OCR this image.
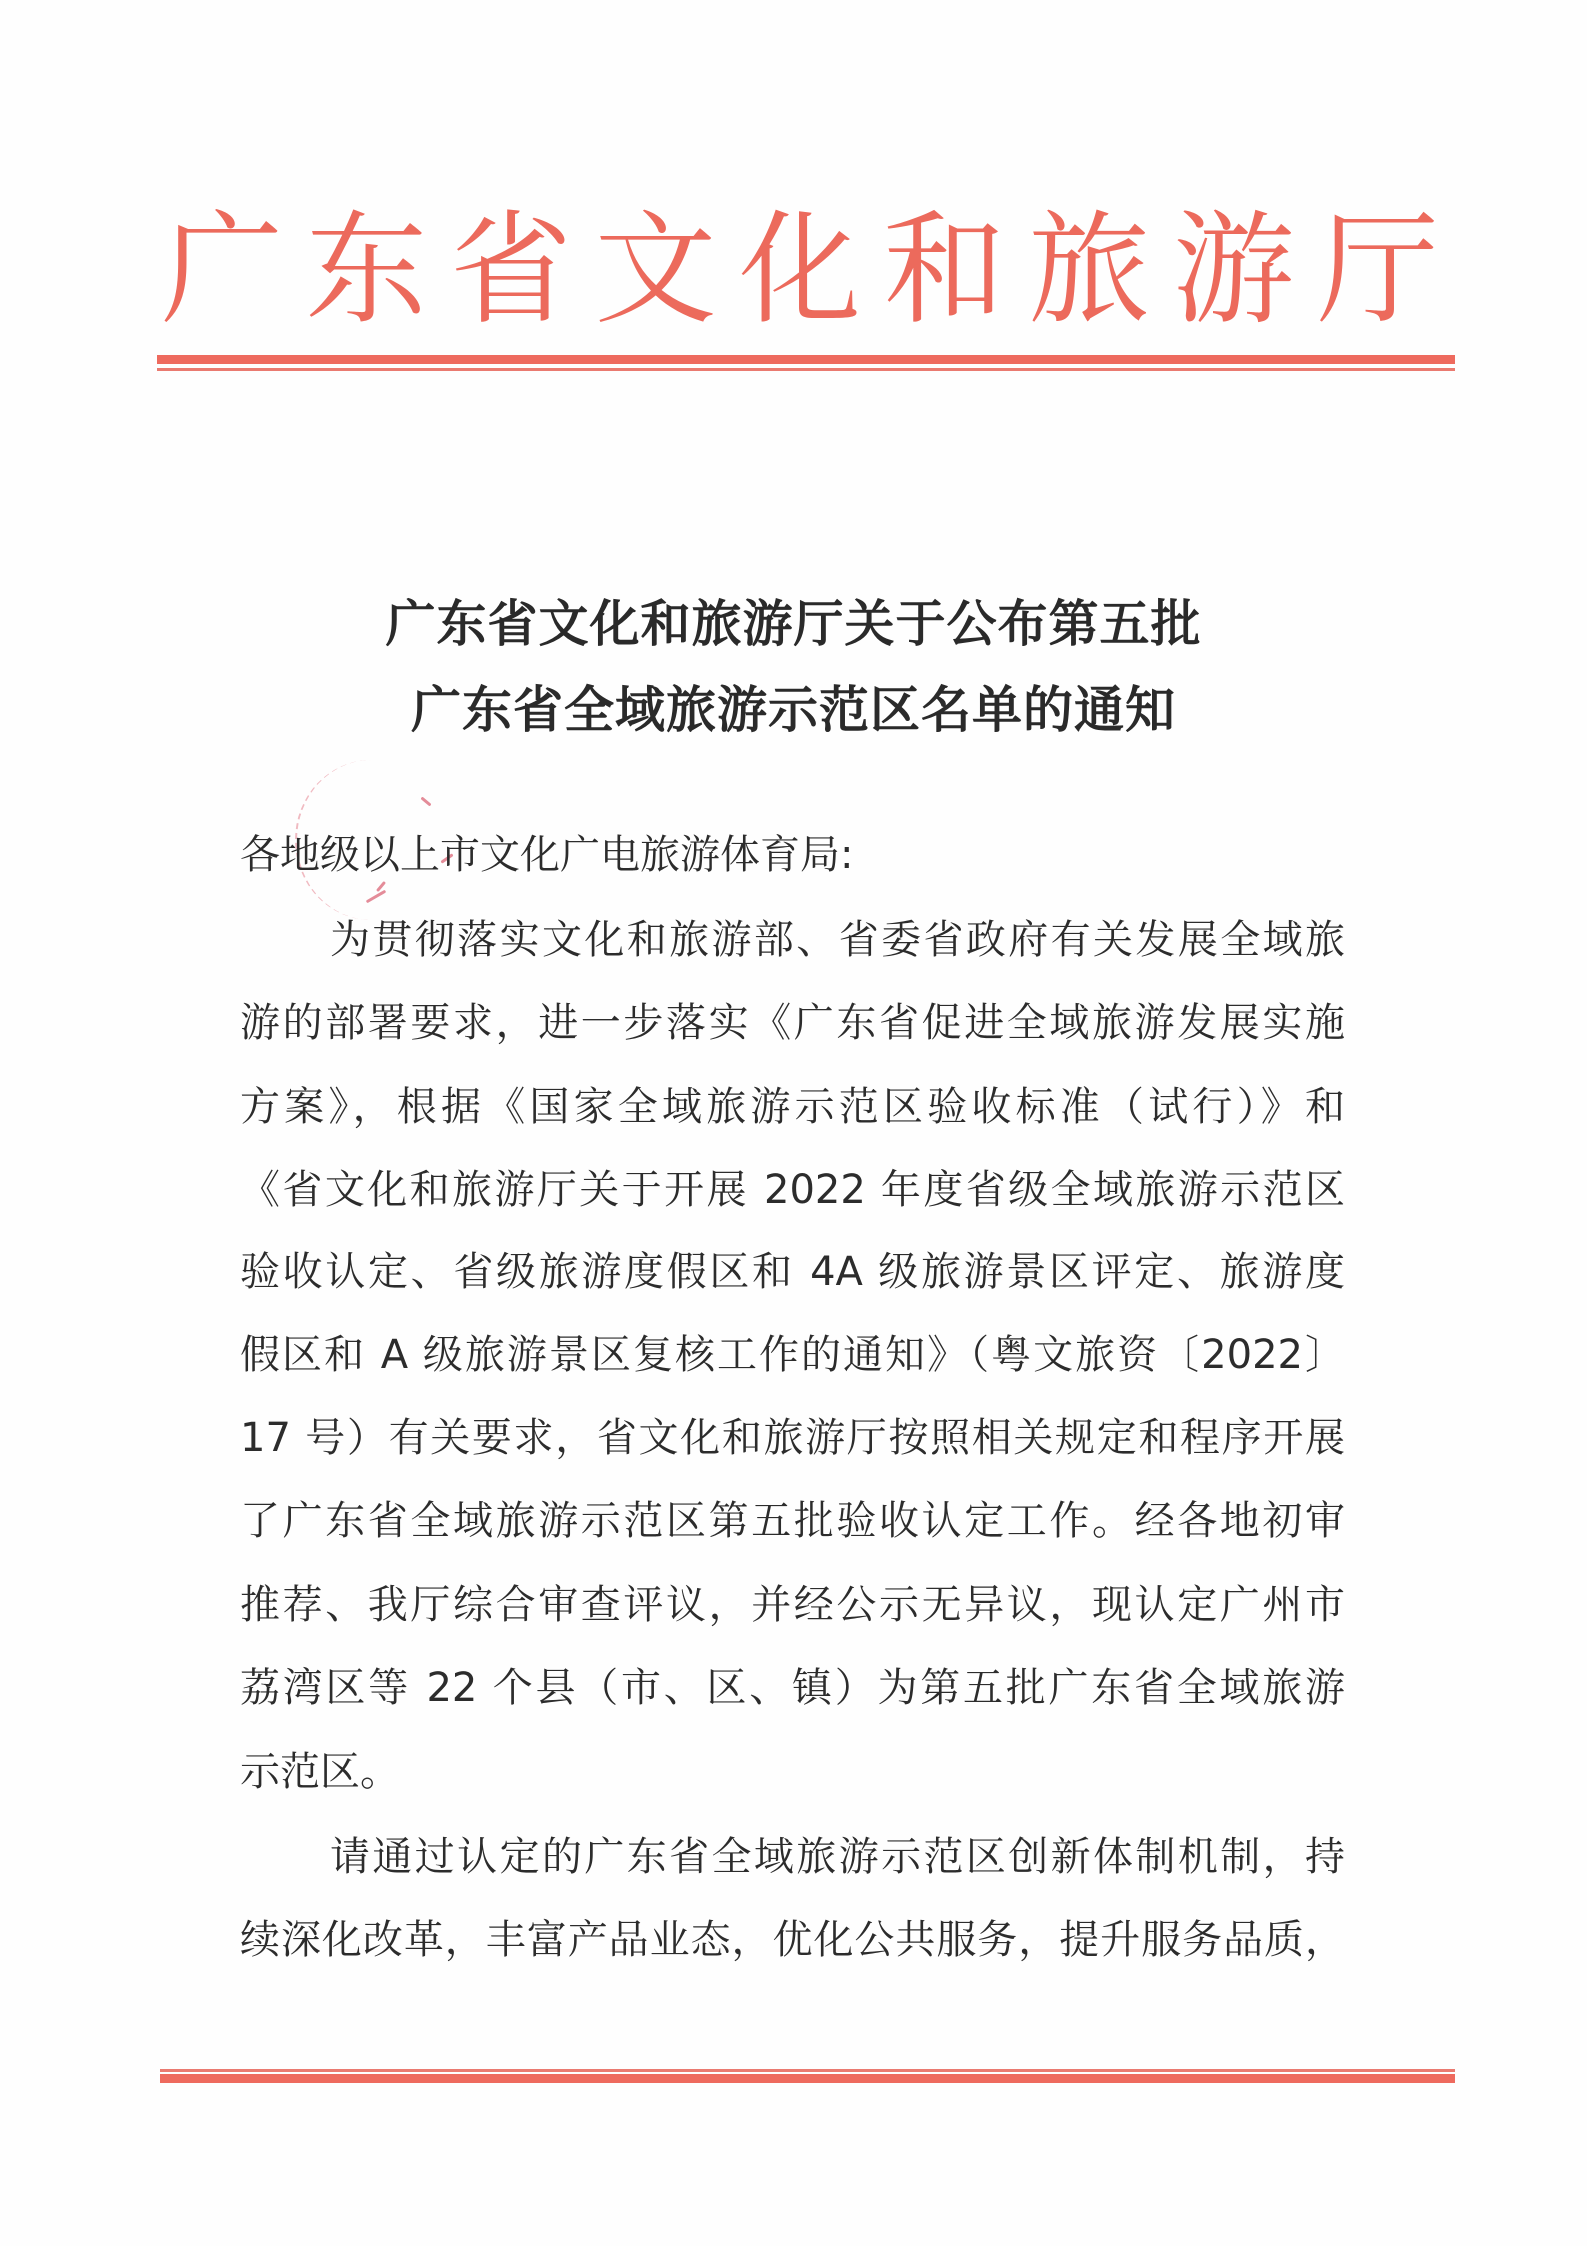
广 东 省 文 化 和 旅 游 厅
广东省文化和旅游厅关于公布第五批
广东省全域旅游示范区名单的通知
各地级以上市文化广电旅游体育局:
为贯彻落实文化和旅游部、省委省政府有关发展全域旅
游的部署要求，进一步落实《广东省促进全域旅游发展实施
方案》，根据《国家全域旅游示范区验收标准（试行）》和
《省文化和旅游厅关于开展 2022 年度省级全域旅游示范区
验收认定、省级旅游度假区和 4A 级旅游景区评定、旅游度
假区和 A 级旅游景区复核工作的通知》（粤文旅资〔2022〕
17 号）有关要求，省文化和旅游厅按照相关规定和程序开展
了广东省全域旅游示范区第五批验收认定工作。经各地初审
推荐、我厅综合审查评议，并经公示无异议，现认定广州市
荔湾区等 22 个县（市、区、镇）为第五批广东省全域旅游
示范区。
请通过认定的广东省全域旅游示范区创新体制机制，持
续深化改革，丰富产品业态，优化公共服务，提升服务品质，
